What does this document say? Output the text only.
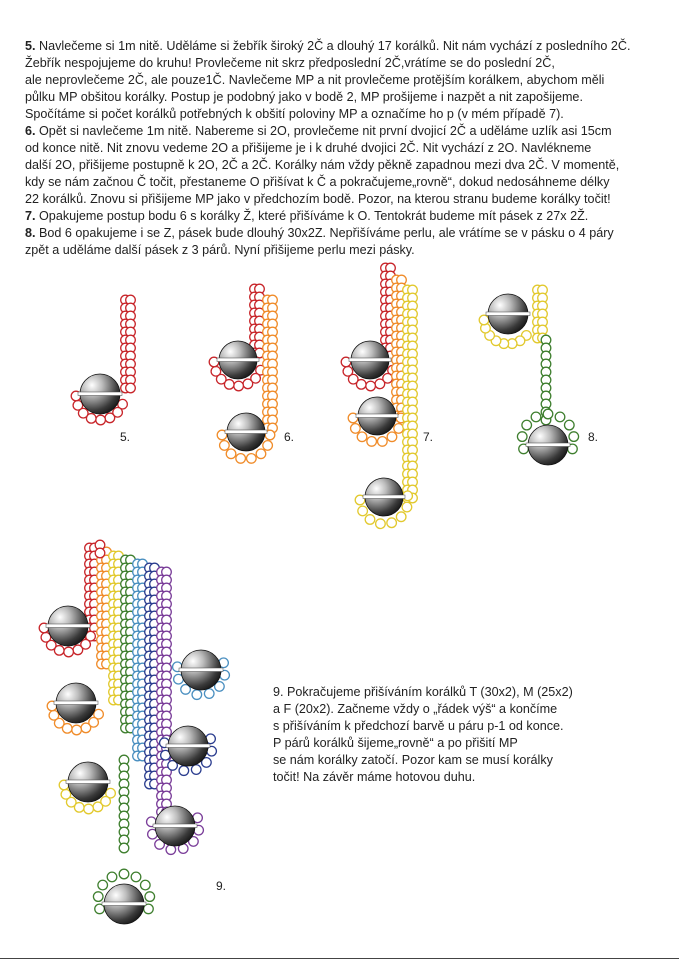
5. Navlečeme si 1m nitě. Uděláme si žebřík široký 2Č a dlouhý 17 korálků. Nit nám vychází z posledního 2Č.
Žebřík nespojujeme do kruhu! Provlečeme nit skrz předposlední 2Č,vrátíme se do poslední 2Č,
ale neprovlečeme 2Č, ale pouze1Č. Navlečeme MP a nit provlečeme protějším korálkem, abychom měli
půlku MP obšitou korálky. Postup je podobný jako v bodě 2, MP prošijeme i nazpět a nit zapošijeme.
Spočítáme si počet korálků potřebných k obšití poloviny MP a označíme ho p (v mém případě 7).

6. Opět si navlečeme 1m nitě. Nabereme si 2O, provlečeme nit první dvojicí 2Č a uděláme uzlík asi 15cm
od konce nitě. Nit znovu vedeme 2O a přišijeme je i k druhé dvojici 2Č. Nit vychází z 2O. Navlékneme
další 2O, přišijeme postupně k 2O, 2Č a 2Č. Korálky nám vždy pěkně zapadnou mezi dva 2Č. V momentě,
kdy se nám začnou Č točit, přestaneme O přišívat k Č a pokračujeme„rovně“, dokud nedosáhneme délky
22 korálků. Znovu si přišijeme MP jako v předchozím bodě. Pozor, na kterou stranu budeme korálky točit!

7. Opakujeme postup bodu 6 s korálky Ž, které přišíváme k O. Tentokrát budeme mít pásek z 27x 2Ž.

8. Bod 6 opakujeme i se Z, pásek bude dlouhý 30x2Z. Nepřišíváme perlu, ale vrátíme se v pásku o 4 páry
zpět a uděláme další pásek z 3 párů. Nyní přišijeme perlu mezi pásky.

5.	6.	7.	8.
9.

9. Pokračujeme přišíváním korálků T (30x2), M (25x2)

a F (20x2). Začneme vždy o „řádek výš“ a končíme

s přišíváním k předchozí barvě u páru p-1 od konce.

P párů korálků šijeme„rovně“ a po přišití MP

se nám korálky zatočí. Pozor kam se musí korálky

točit! Na závěr máme hotovou duhu.
